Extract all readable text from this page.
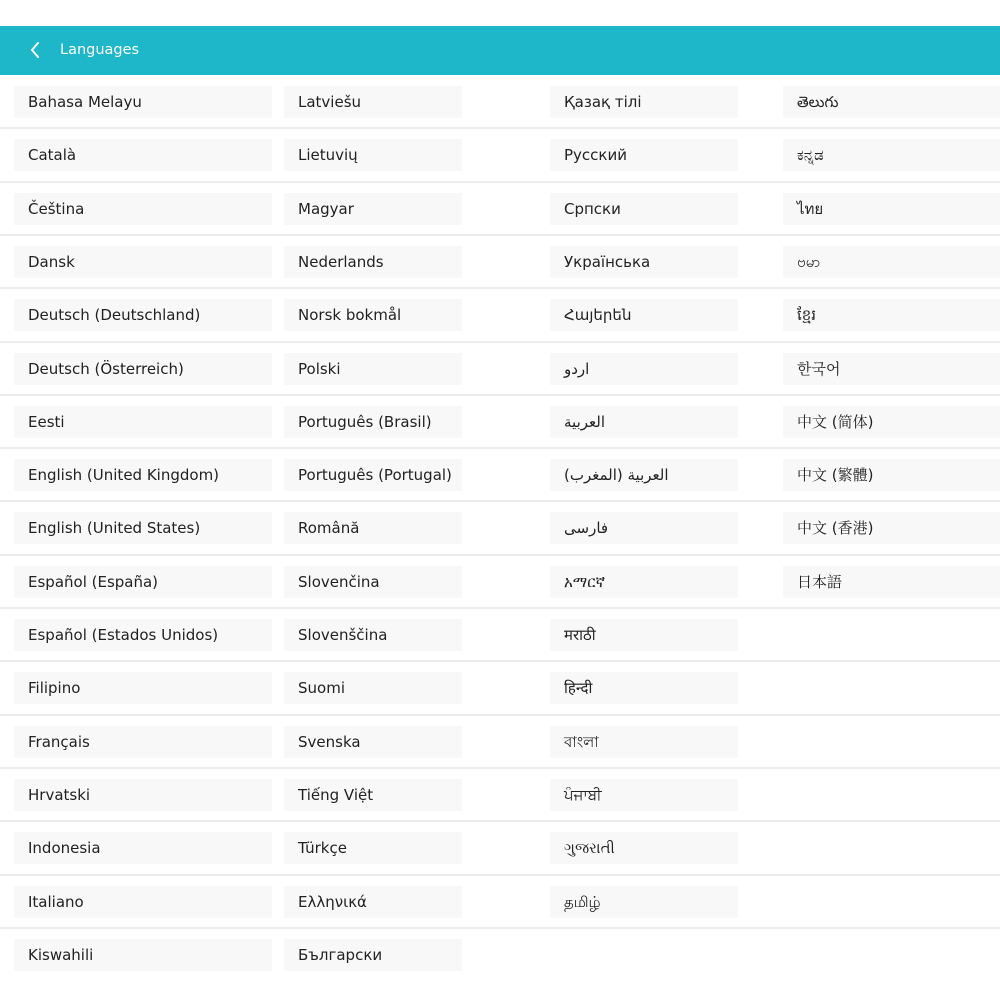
Languages
Bahasa Melayu	Latviešu	Қазақ тілі	తెలుగు
Català	Lietuvių	Русский	ಕನ್ನಡ
Čeština	Magyar	Српски	ไทย
Dansk	Nederlands	Українська	ဗမာ
Deutsch (Deutschland)	Norsk bokmål	Հայերեն	ខ្មែរ
Deutsch (Österreich)	Polski	اردو	한국어
Eesti	Português (Brasil)	العربية	中文 (简体)
English (United Kingdom)	Português (Portugal)	العربية (المغرب)	中文 (繁體)
English (United States)	Română	فارسی	中文 (香港)
Español (España)	Slovenčina	አማርኛ	日本語
Español (Estados Unidos)	Slovenščina	मराठी
Filipino	Suomi	हिन्दी
Français	Svenska	বাংলা
Hrvatski	Tiếng Việt	ਪੰਜਾਬੀ
Indonesia	Türkçe	ગુજરાતી
Italiano	Ελληνικά	தமிழ்
Kiswahili	Български
